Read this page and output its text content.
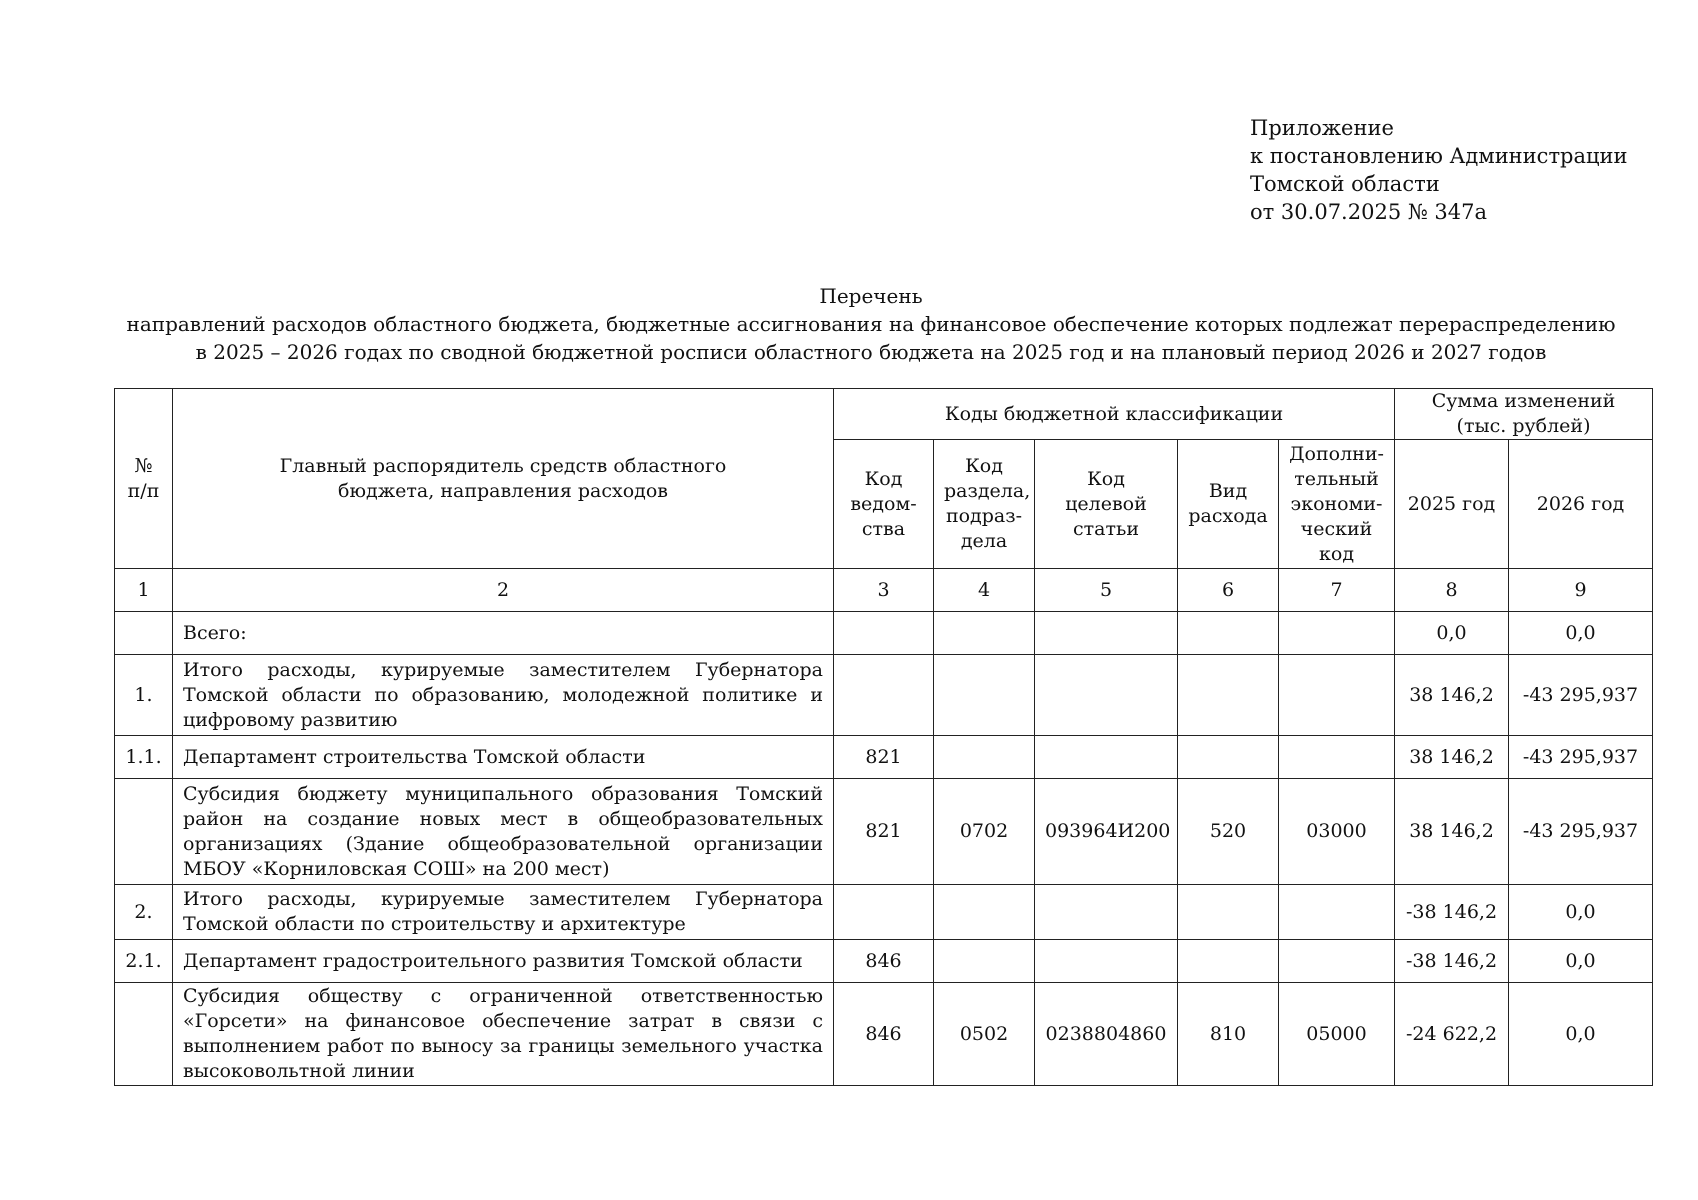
Приложение
к постановлению Администрации
Томской области
от 30.07.2025 № 347а
Перечень
направлений расходов областного бюджета, бюджетные ассигнования на финансовое обеспечение которых подлежат перераспределению
в 2025 – 2026 годах по сводной бюджетной росписи областного бюджета на 2025 год и на плановый период 2026 и 2027 годов
№ п/п	Главный распорядитель средств областного бюджета, направления расходов	Коды бюджетной классификации					Сумма изменений (тыс. рублей)	
		Код ведом-ства	Код раздела, подраз-дела	Код целевой статьи	Вид расхода	Дополни-тельный экономи-ческий код	2025 год	2026 год
1	2	3	4	5	6	7	8	9
	Всего:						0,0	0,0
1.	Итого расходы, курируемые заместителем Губернатора Томской области по образованию, молодежной политике и цифровому развитию						38 146,2	-43 295,937
1.1.	Департамент строительства Томской области	821					38 146,2	-43 295,937
	Субсидия бюджету муниципального образования Томский район на создание новых мест в общеобразовательных организациях (Здание общеобразовательной организации МБОУ «Корниловская СОШ» на 200 мест)	821	0702	093964И200	520	03000	38 146,2	-43 295,937
2.	Итого расходы, курируемые заместителем Губернатора Томской области по строительству и архитектуре						-38 146,2	0,0
2.1.	Департамент градостроительного развития Томской области	846					-38 146,2	0,0
	Субсидия обществу с ограниченной ответственностью «Горсети» на финансовое обеспечение затрат в связи с выполнением работ по выносу за границы земельного участка высоковольтной линии	846	0502	0238804860	810	05000	-24 622,2	0,0
